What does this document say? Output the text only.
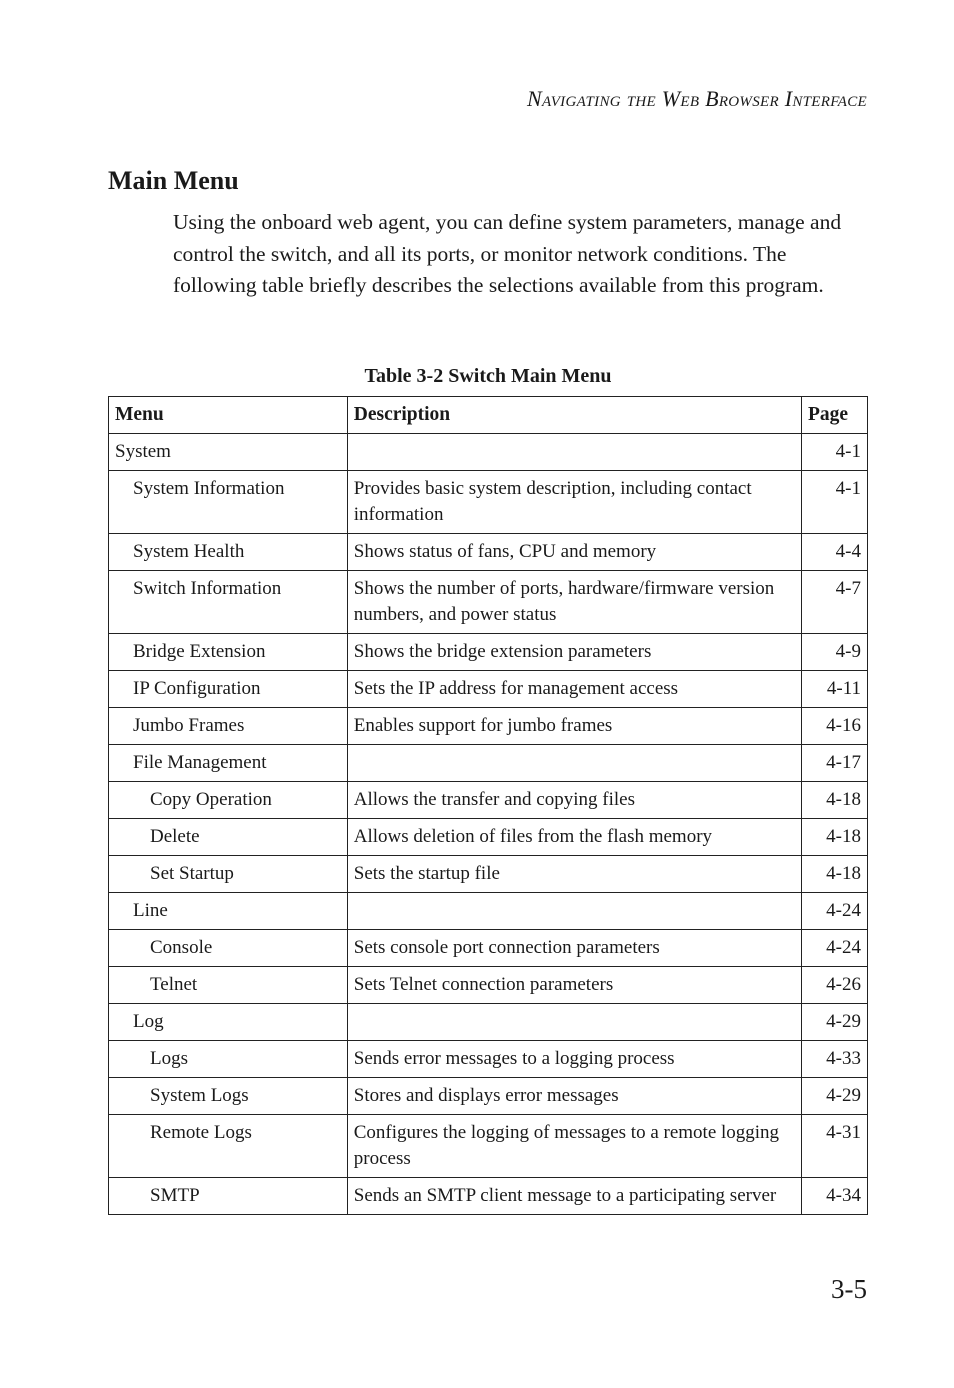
Navigating the Web Browser Interface
Main Menu

Using the onboard web agent, you can define system parameters, manage and control the switch, and all its ports, or monitor network conditions. The following table briefly describes the selections available from this program.

Table 3-2 Switch Main Menu
Menu	Description	Page
System		4-1
System Information	Provides basic system description, including contact information	4-1
System Health	Shows status of fans, CPU and memory	4-4
Switch Information	Shows the number of ports, hardware/firmware version numbers, and power status	4-7
Bridge Extension	Shows the bridge extension parameters	4-9
IP Configuration	Sets the IP address for management access	4-11
Jumbo Frames	Enables support for jumbo frames	4-16
File Management		4-17
Copy Operation	Allows the transfer and copying files	4-18
Delete	Allows deletion of files from the flash memory	4-18
Set Startup	Sets the startup file	4-18
Line		4-24
Console	Sets console port connection parameters	4-24
Telnet	Sets Telnet connection parameters	4-26
Log		4-29
Logs	Sends error messages to a logging process	4-33
System Logs	Stores and displays error messages	4-29
Remote Logs	Configures the logging of messages to a remote logging process	4-31
SMTP	Sends an SMTP client message to a participating server	4-34
3-5
